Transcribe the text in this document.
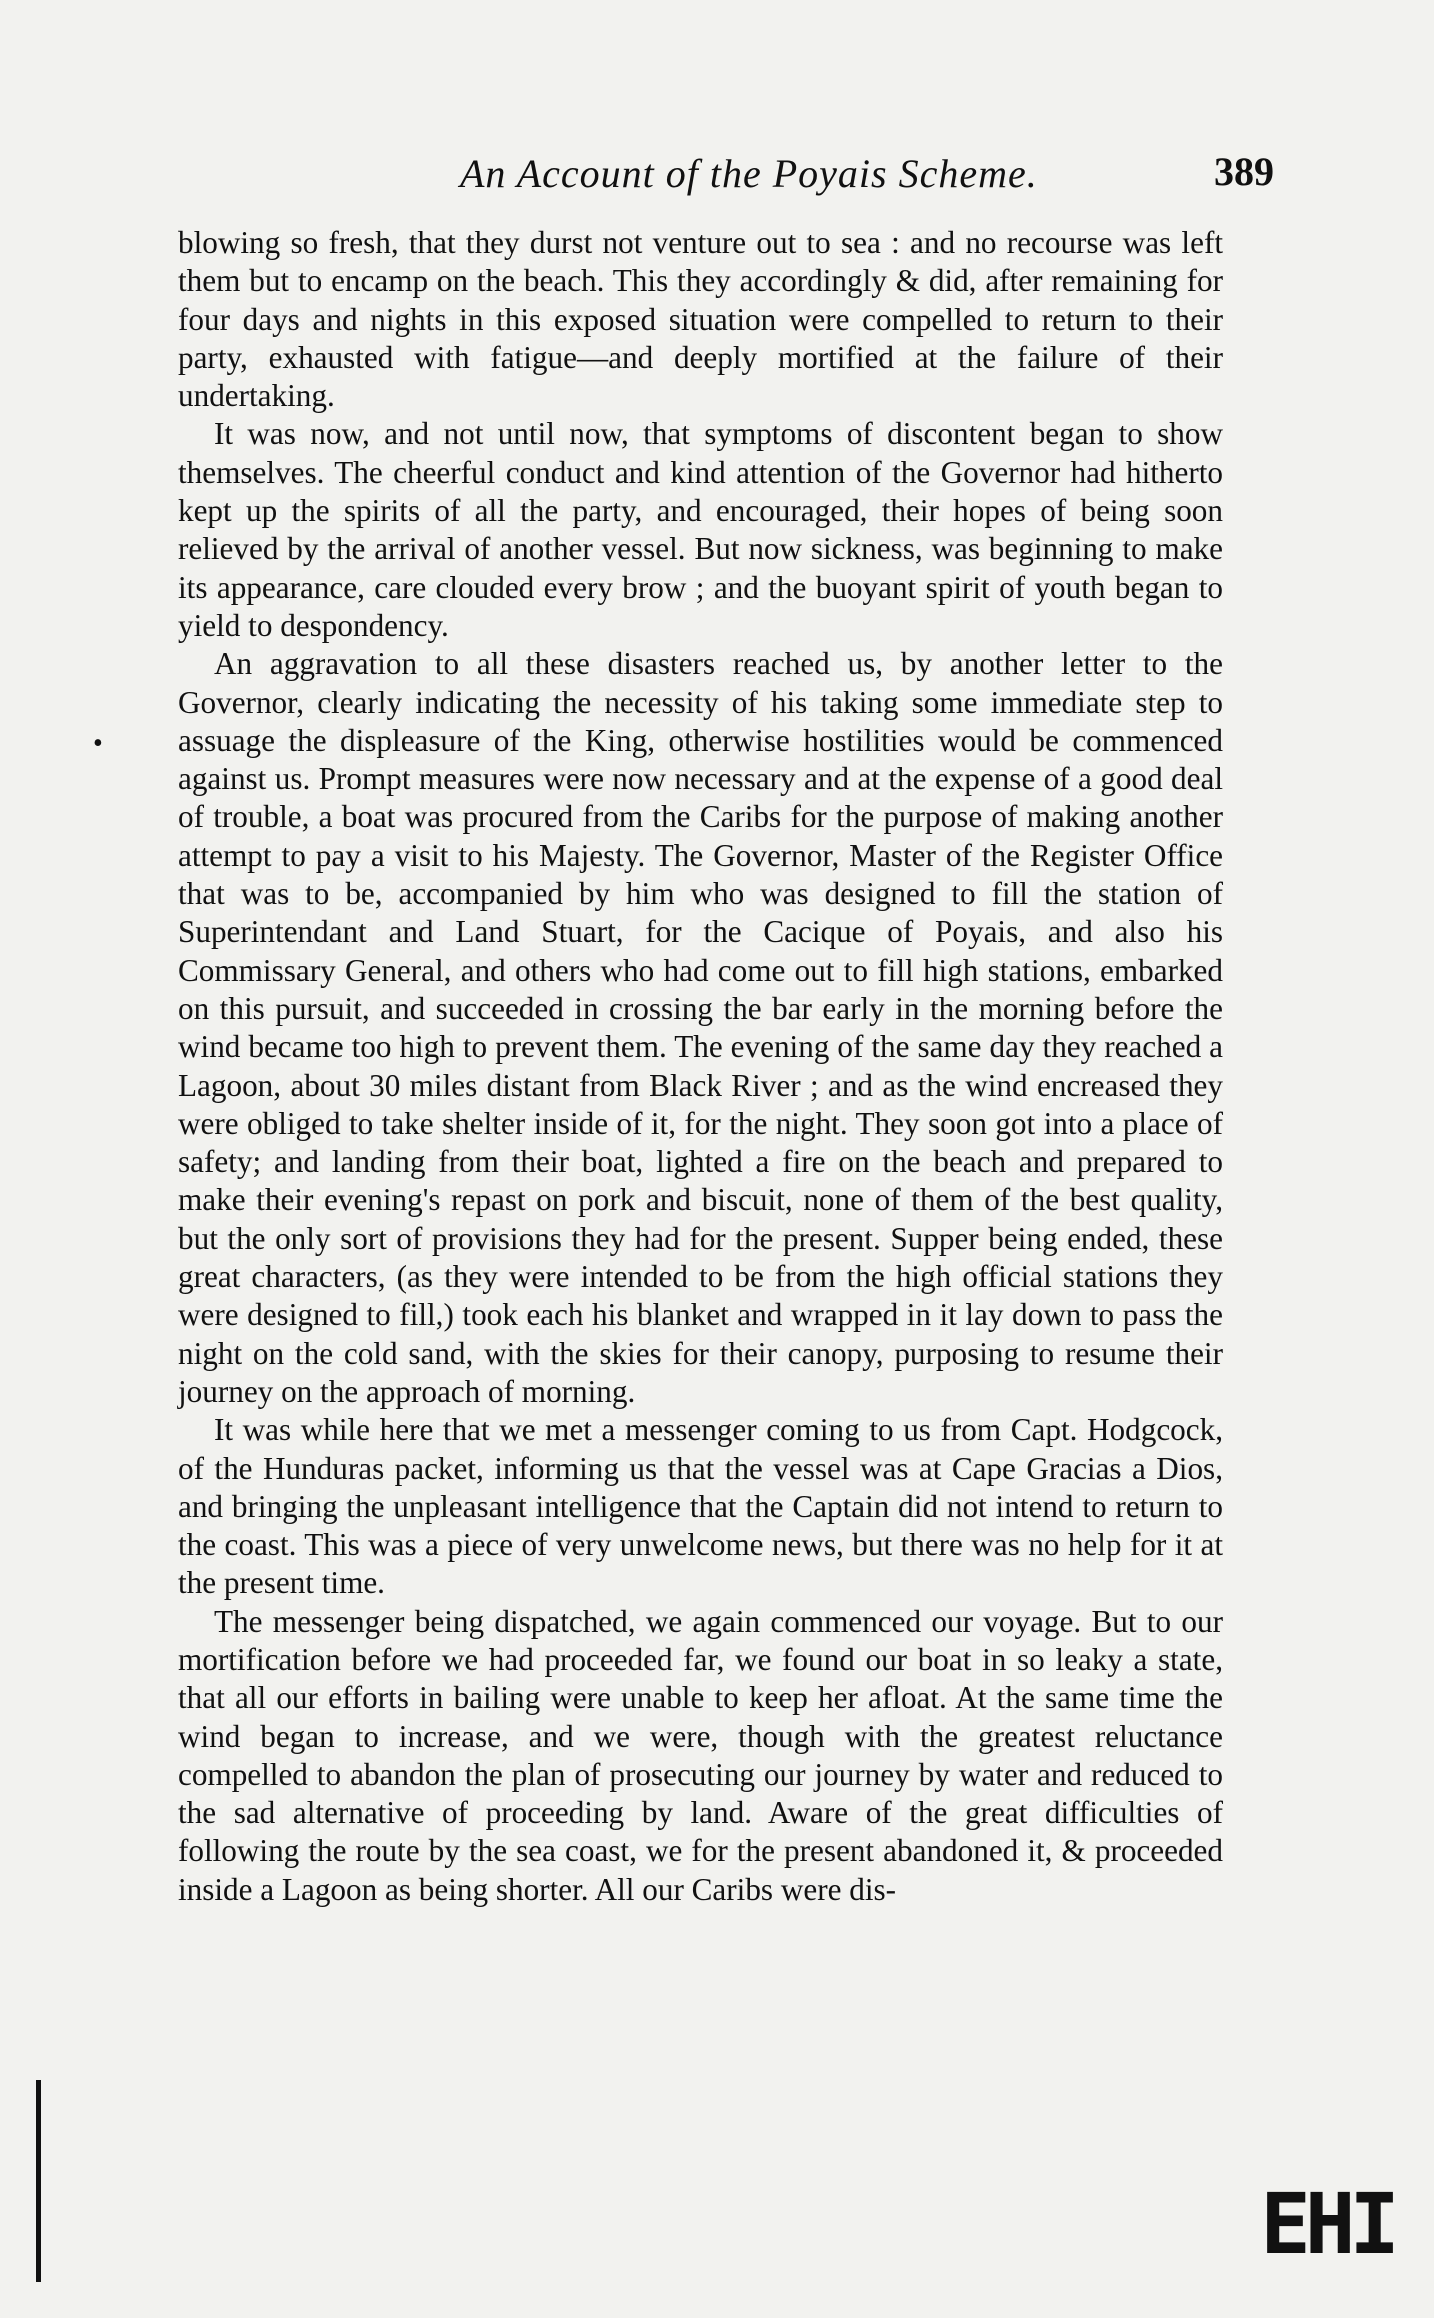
An Account of the Poyais Scheme.	389
•

blowing so fresh, that they durst not venture out to sea : and no recourse was left them but to encamp on the beach. This they accordingly & did, after remaining for four days and nights in this exposed situation were compelled to return to their party, exhausted with fatigue—and deeply mortified at the failure of their undertaking.

It was now, and not until now, that symptoms of discontent began to show themselves. The cheerful conduct and kind attention of the Governor had hitherto kept up the spirits of all the party, and encouraged, their hopes of being soon relieved by the arrival of another vessel. But now sickness, was beginning to make its appearance, care clouded every brow ; and the buoyant spirit of youth began to yield to despondency.

An aggravation to all these disasters reached us, by another letter to the Governor, clearly indicating the necessity of his taking some immediate step to assuage the displeasure of the King, otherwise hostilities would be commenced against us. Prompt measures were now necessary and at the expense of a good deal of trouble, a boat was procured from the Caribs for the purpose of making another attempt to pay a visit to his Majesty. The Governor, Master of the Register Office that was to be, accompanied by him who was designed to fill the station of Superintendant and Land Stuart, for the Cacique of Poyais, and also his Commissary General, and others who had come out to fill high stations, embarked on this pursuit, and succeeded in crossing the bar early in the morning before the wind became too high to prevent them. The evening of the same day they reached a Lagoon, about 30 miles distant from Black River ; and as the wind encreased they were obliged to take shelter inside of it, for the night. They soon got into a place of safety; and landing from their boat, lighted a fire on the beach and prepared to make their evening's repast on pork and biscuit, none of them of the best quality, but the only sort of provisions they had for the present. Supper being ended, these great characters, (as they were intended to be from the high official stations they were designed to fill,) took each his blanket and wrapped in it lay down to pass the night on the cold sand, with the skies for their canopy, purposing to resume their journey on the approach of morning.

It was while here that we met a messenger coming to us from Capt. Hodgcock, of the Hunduras packet, informing us that the vessel was at Cape Gracias a Dios, and bringing the unpleasant intelligence that the Captain did not intend to return to the coast. This was a piece of very unwelcome news, but there was no help for it at the present time.

The messenger being dispatched, we again commenced our voyage. But to our mortification before we had proceeded far, we found our boat in so leaky a state, that all our efforts in bailing were unable to keep her afloat. At the same time the wind began to increase, and we were, though with the greatest reluctance compelled to abandon the plan of prosecuting our journey by water and reduced to the sad alternative of proceeding by land. Aware of the great difficulties of following the route by the sea coast, we for the present abandoned it, & proceeded inside a Lagoon as being shorter. All our Caribs were dis-

ЕHI
